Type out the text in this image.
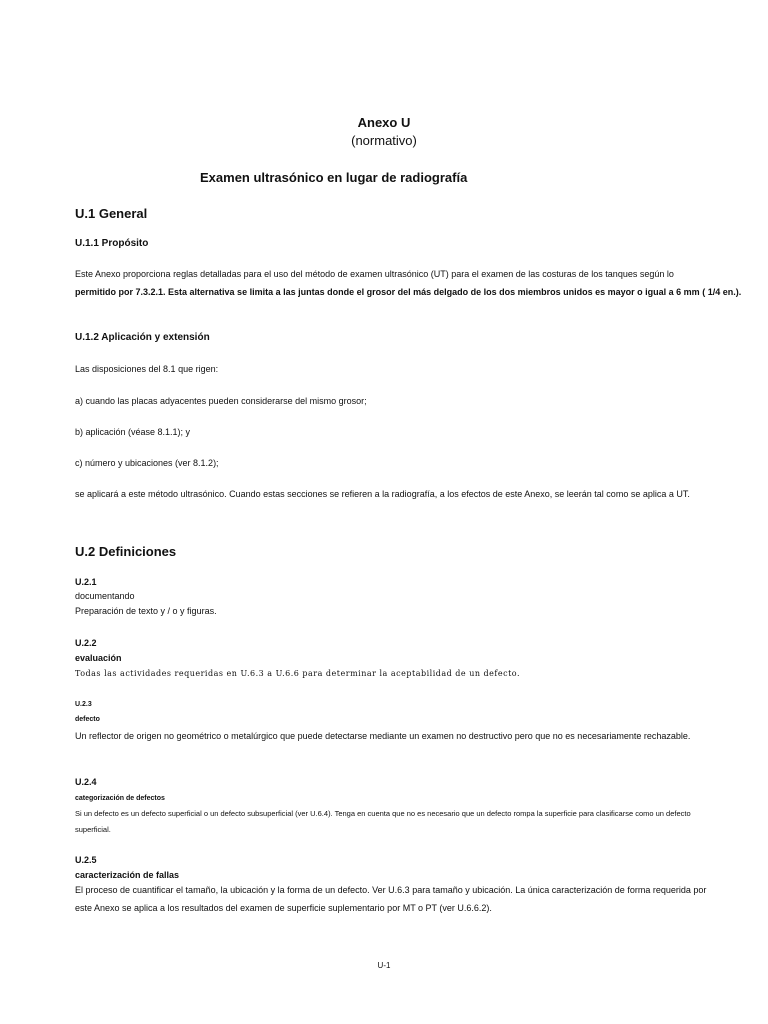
Anexo U
(normativo)
Examen ultrasónico en lugar de radiografía
U.1 General
U.1.1 Propósito
Este Anexo proporciona reglas detalladas para el uso del método de examen ultrasónico (UT) para el examen de las costuras de los tanques según lo
permitido por 7.3.2.1. Esta alternativa se limita a las juntas donde el grosor del más delgado de los dos miembros unidos es mayor o igual a 6 mm ( 1/4 en.).
U.1.2 Aplicación y extensión
Las disposiciones del 8.1 que rigen:
a) cuando las placas adyacentes pueden considerarse del mismo grosor;
b) aplicación (véase 8.1.1); y
c) número y ubicaciones (ver 8.1.2);
se aplicará a este método ultrasónico. Cuando estas secciones se refieren a la radiografía, a los efectos de este Anexo, se leerán tal como se aplica a UT.
U.2 Definiciones
U.2.1
documentando
Preparación de texto y / o y figuras.
U.2.2
evaluación
Todas las actividades requeridas en U.6.3 a U.6.6 para determinar la aceptabilidad de un defecto.
U.2.3
defecto
Un reflector de origen no geométrico o metalúrgico que puede detectarse mediante un examen no destructivo pero que no es necesariamente rechazable.
U.2.4
categorización de defectos
Si un defecto es un defecto superficial o un defecto subsuperficial (ver U.6.4). Tenga en cuenta que no es necesario que un defecto rompa la superficie para clasificarse como un defecto
superficial.
U.2.5
caracterización de fallas
El proceso de cuantificar el tamaño, la ubicación y la forma de un defecto. Ver U.6.3 para tamaño y ubicación. La única caracterización de forma requerida por
este Anexo se aplica a los resultados del examen de superficie suplementario por MT o PT (ver U.6.6.2).
U-1
